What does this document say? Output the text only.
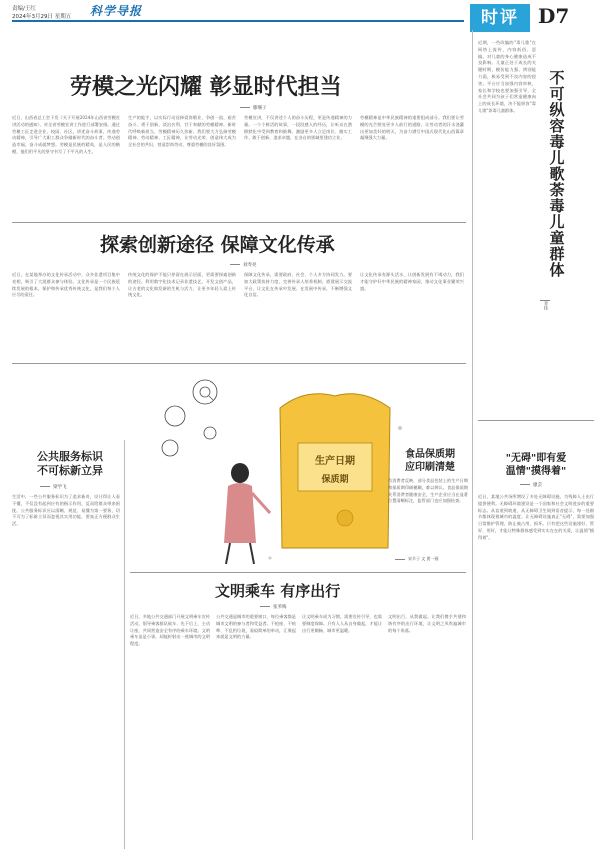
责编/王红
2024年3月29日 星期五 科学导报	时评 D7
劳模之光闪耀 彰显时代担当
滕珊子
近日，山西省总工会下发《关于开展2024年山西省劳模宣讲活动的通知》，对全省劳模宣讲工作进行部署安排。通过劳模工匠走进企业、校园、社区，讲述奋斗故事，传递劳动精神，引导广大职工群众争做新时代的奋斗者。劳动创造幸福，奋斗成就梦想。劳模是民族的精英，是人民的楷模，他们用平凡的坚守书写了不平凡的人生。
生产的能手，以实际行动诠释爱岗敬业、争创一流、艰苦奋斗、勇于创新、淡泊名利、甘于奉献的劳模精神。新时代呼唤新担当，劳模精神历久弥新。我们要大力弘扬劳模精神、劳动精神、工匠精神，让劳动光荣、创造伟大成为全社会的共识，营造崇尚劳动、尊重劳模的良好氛围。
劳模宣讲，不仅讲述个人的奋斗历程，更是传递精神的力量。一个个鲜活的故事，一段段感人的经历，让听众在潜移默化中受到教育和鼓舞，激励更多人立足岗位、踏实工作、敢于创新、追求卓越，在各自的领域里建功立业。
劳模精神是中华民族精神的重要组成部分。我们要让劳模的光芒照亮更多人前行的道路，让劳动者的汗水浇灌出更加美好的明天，为奋力谱写中国式现代化山西篇章凝聚强大力量。
探索创新途径 保障文化传承
刘寿亮
近日，在某地举办的文化传承活动中，众多非遗项目集中亮相，吸引了大批群众参与体验。文化传承是一个民族延续发展的根本，保护和传承优秀传统文化，是我们每个人应尽的责任。
传统文化的保护不能只停留在展示层面，更需要探索创新的途径。利用数字化技术记录非遗技艺，开发文创产品，让古老的文化焕发新的生机与活力，让更多年轻人爱上传统文化。
保障文化传承，需要政府、社会、个人多方协同发力。要加大政策扶持力度，完善传承人培养机制，搭建展示交流平台，让文化在传承中发展、在发展中传承，不断增强文化自信。
让文化传承有源头活水，让创新发展有不竭动力，我们才能守护好中华民族的精神家园，推动文化事业繁荣兴盛。
公共服务标识
不可标新立异
梁学飞
生活中，一些公共服务标识为了追求新奇，设计得让人看不懂，不仅没有起到应有的指示作用，反而给群众带来困扰。公共服务标识应以清晰、规范、易懂为第一要务，切不可为了标新立异而忽视其实用功能，要真正方便群众生活。
生产日期
保质期
食品保质期
应印刷清楚
有消费者反映，部分食品包装上的生产日期和保质期印刷模糊，难以辨认。食品保质期关系消费者健康安全，生产企业应当在显著位置清晰标注，监管部门也应加强检查。
宋羊子 文 贾一画
文明乘车 有序出行
张苇梅
近日，多地公共交通部门开展文明乘车宣传活动，倡导乘客排队候车、先下后上、主动让座，共同营造安全有序的乘车环境。文明乘车虽是小事，却能折射出一座城市的文明程度。
公共交通是城市的重要窗口，每位乘客都是城市文明的参与者和受益者。不抢座、不喧哗、不乱扔垃圾，看似简单的举动，汇聚起来就是文明的力量。
让文明乘车成为习惯，需要宣传引导，也需要制度保障。只有人人从自身做起，才能让出行更顺畅、城市更温暖。
文明出行，从我做起。让我们携手共建和谐有序的出行环境，让文明之风吹遍城市的每个角落。
近期，一些改编的"毒儿歌"在网络上流传，内容低俗、恶搞，对儿童的身心健康造成不良影响。儿童正处于成长的关键时期，模仿能力强、辨别能力弱，极易受到不良内容的侵害。平台应当加强内容审核，家长和学校也要加强引导，全社会共同为孩子们营造健康向上的成长环境，决不能纵容"毒儿歌"荼毒儿童群体。
不可纵容毒儿歌荼毒儿童群体
幸佳
"无碍"即有爱
温情"摸得着"
廖芸
近日，某地公共场所增设了多处无障碍设施，为残障人士出行提供便利。无障碍环境建设是一个国家和社会文明进步的重要标志。从盲道到坡道，从无障碍卫生间到语音提示，每一处细节都体现着城市的温度。让无障碍设施真正"无碍"，需要加强日常维护管理，防止被占用、损坏。只有把这些设施建好、管好、用好，才能让特殊群体感受到实实在在的关爱，让温情"摸得着"。
